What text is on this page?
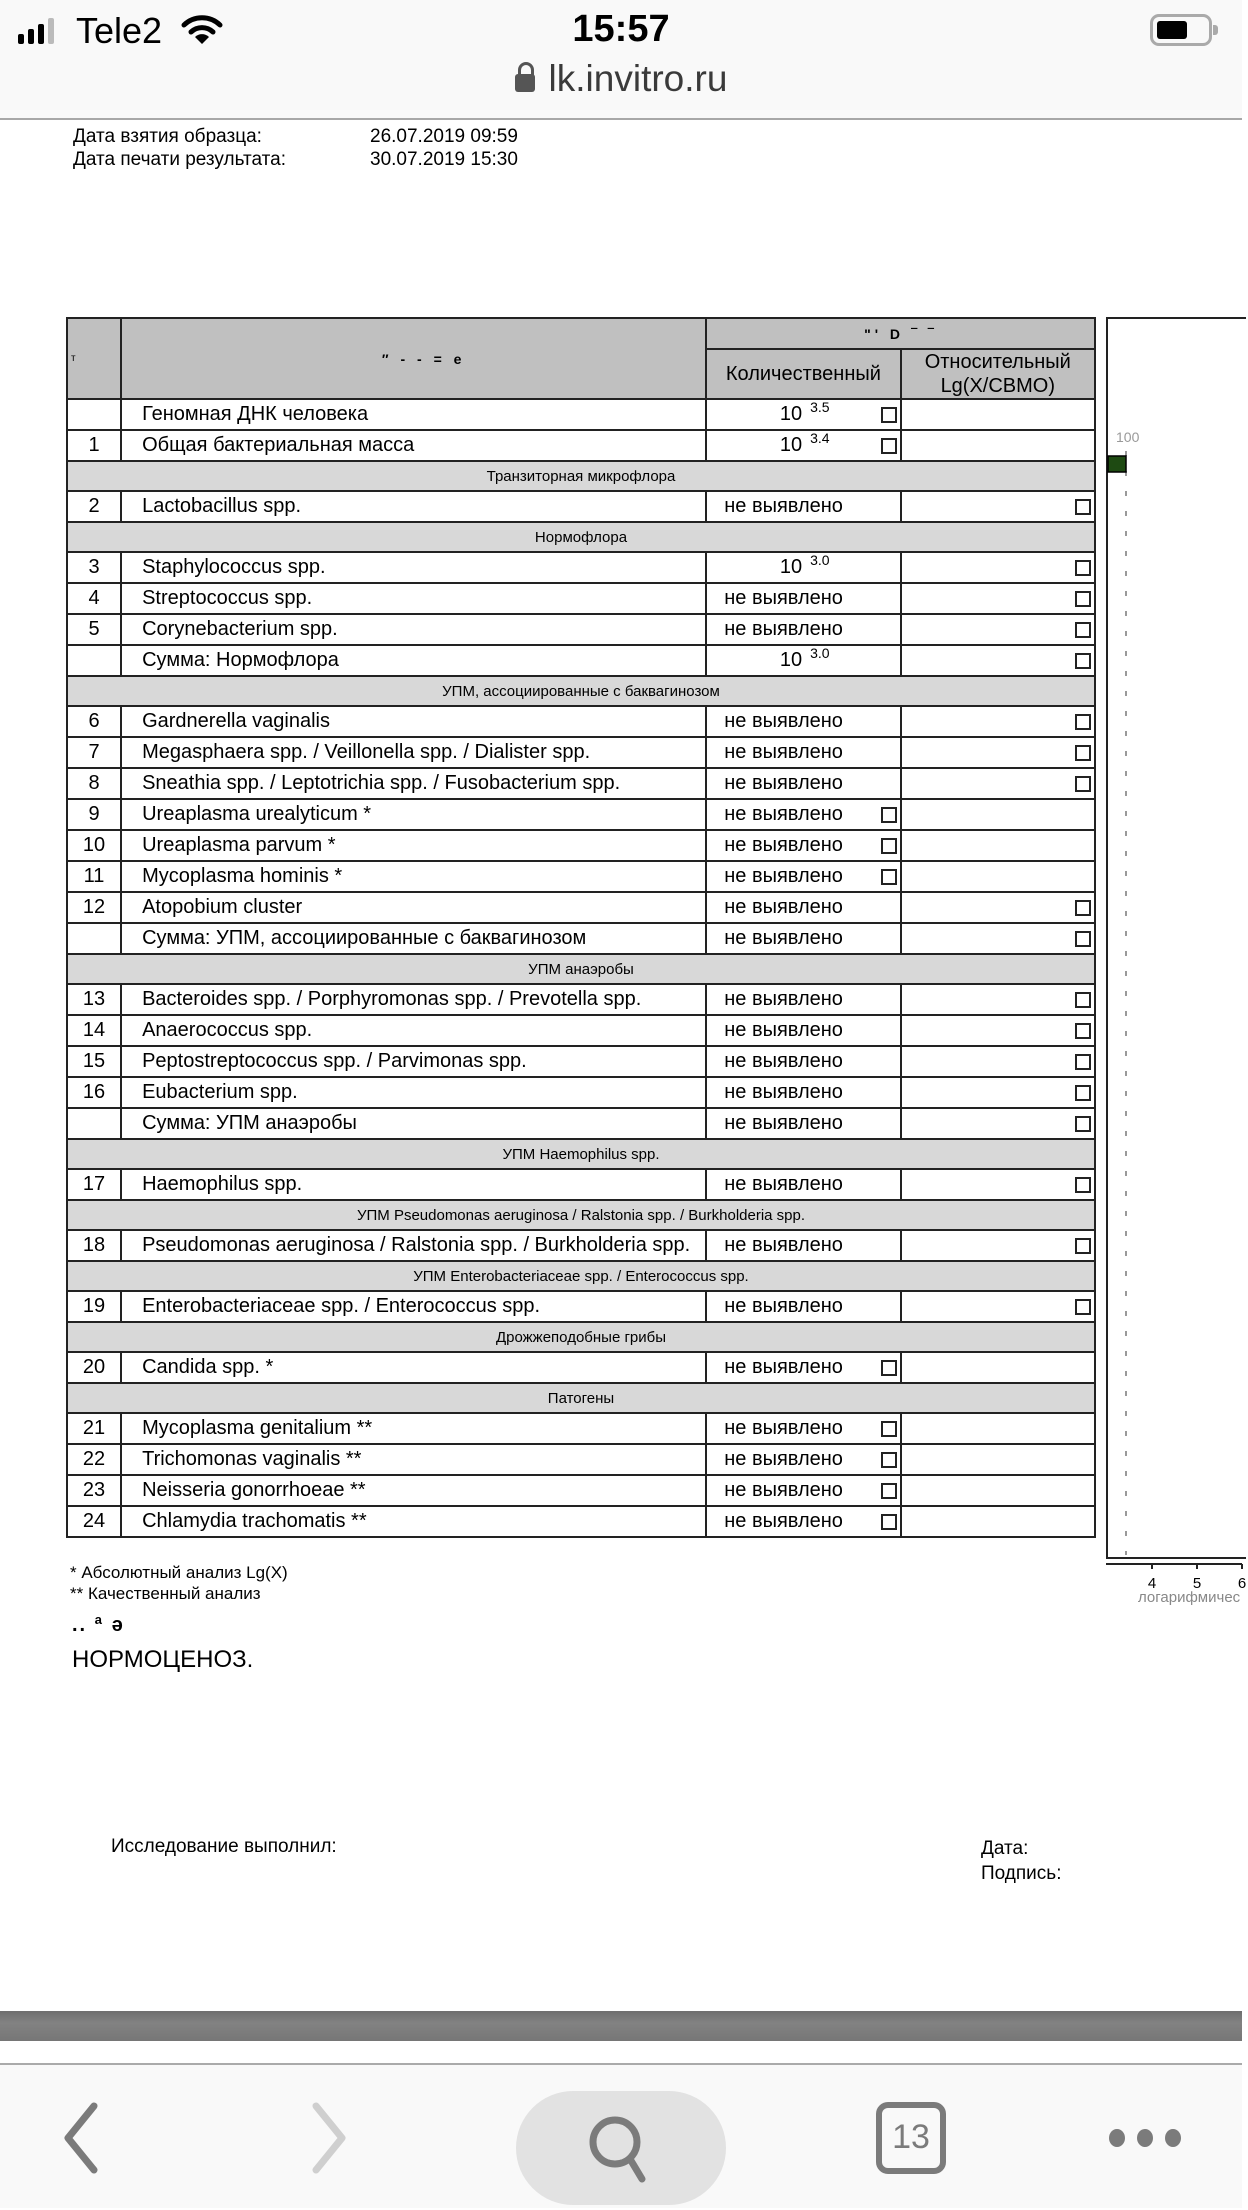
Tele2	15:57
lk.invitro.ru
Дата взятия образца:	26.07.2019 09:59
Дата печати результата:	30.07.2019 15:30
т	″ - - = е	"' D ‾ ‾	
		Количественный	Относительный
Lg(X/СВМО)
	Геномная ДНК человека	10 $^{3.5}$

1	Общая бактериальная масса	10 $^{3.4}$

Транзиторная микрофлора			
2	Lactobacillus spp.	не выявлено	

Нормофлора			
3	Staphylococcus spp.	10 $^{3.0}$	

4	Streptococcus spp.	не выявлено	

5	Corynebacterium spp.	не выявлено	

	Сумма: Нормофлора	10 $^{3.0}$	

УПМ, ассоциированные с баквагинозом			
6	Gardnerella vaginalis	не выявлено	

7	Megasphaera spp. / Veillonella spp. / Dialister spp.	не выявлено	

8	Sneathia spp. / Leptotrichia spp. / Fusobacterium spp.	не выявлено	

9	Ureaplasma urealyticum *	не выявлено

10	Ureaplasma parvum *	не выявлено

11	Mycoplasma hominis *	не выявлено

12	Atopobium cluster	не выявлено	

	Сумма: УПМ, ассоциированные с баквагинозом	не выявлено	

УПМ анаэробы			
13	Bacteroides spp. / Porphyromonas spp. / Prevotella spp.	не выявлено	

14	Anaerococcus spp.	не выявлено	

15	Peptostreptococcus spp. / Parvimonas spp.	не выявлено	

16	Eubacterium spp.	не выявлено	

	Сумма: УПМ анаэробы	не выявлено	

УПМ Haemophilus spp.			
17	Haemophilus spp.	не выявлено	

УПМ Pseudomonas aeruginosa / Ralstonia spp. / Burkholderia spp.			
18	Pseudomonas aeruginosa / Ralstonia spp. / Burkholderia spp.	не выявлено	

УПМ Enterobacteriaceae spp. / Enterococcus spp.			
19	Enterobacteriaceae spp. / Enterococcus spp.	не выявлено	

Дрожжеподобные грибы			
20	Candida spp. *	не выявлено

Патогены			
21	Mycoplasma genitalium **	не выявлено

22	Trichomonas vaginalis **	не выявлено

23	Neisseria gonorrhoeae **	не выявлено

24	Chlamydia trachomatis **	не выявлено

100
4 5 6
логарифмичес
* Абсолютный анализ Lg(X)
** Качественный анализ
.. ª ə
НОРМОЦЕНОЗ.
Исследование выполнил:	Дата:
Подпись:
13
